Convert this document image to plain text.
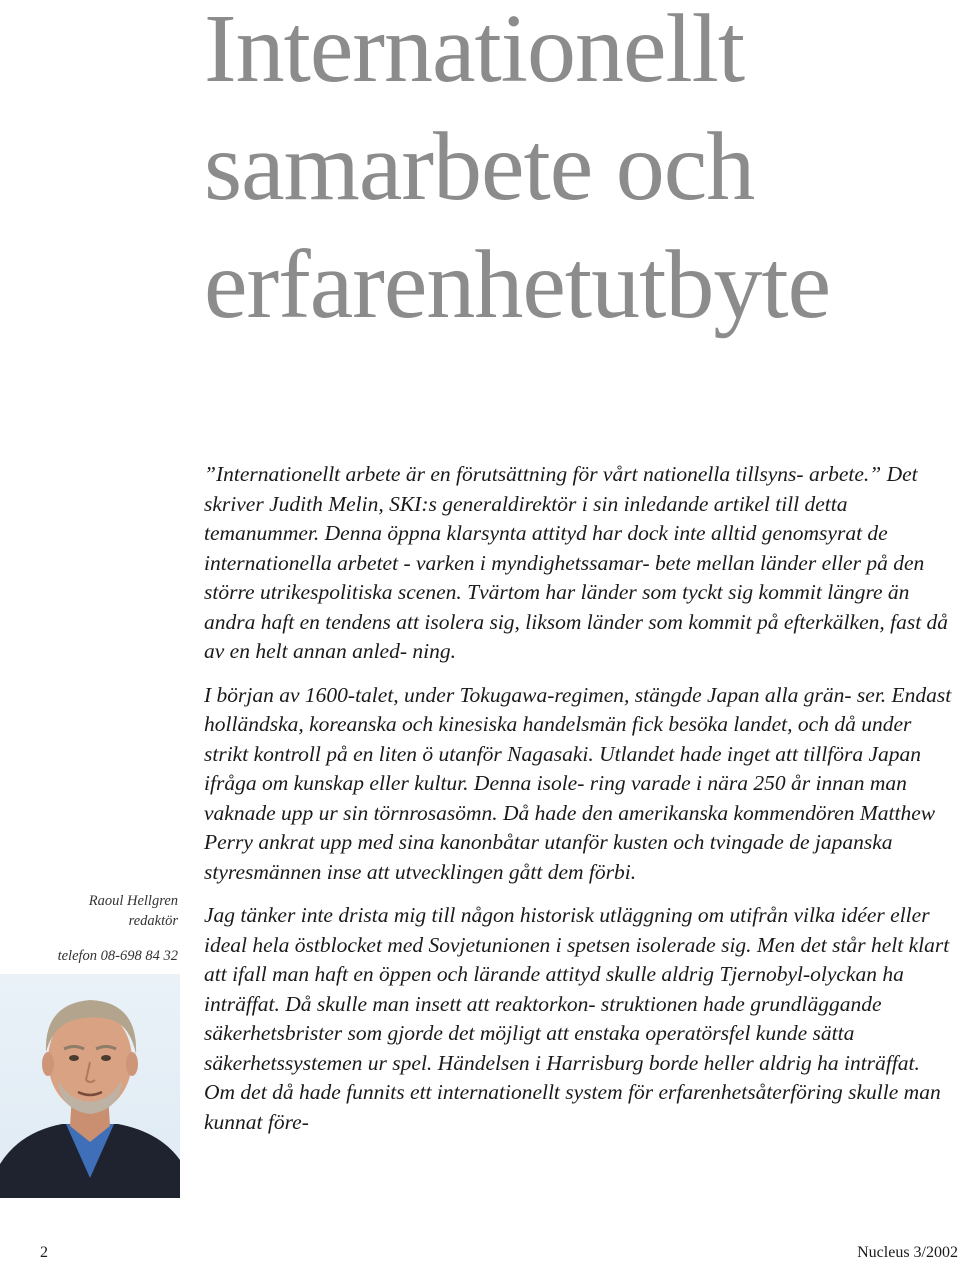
Internationellt
samarbete och
erfarenhetutbyte

”Internationellt arbete är en förutsättning för vårt nationella tillsyns- arbete.” Det skriver Judith Melin, SKI:s generaldirektör i sin inledande artikel till detta temanummer. Denna öppna klarsynta attityd har dock inte alltid genomsyrat de internationella arbetet - varken i myndighetssamar- bete mellan länder eller på den större utrikespolitiska scenen. Tvärtom har länder som tyckt sig kommit längre än andra haft en tendens att isolera sig, liksom länder som kommit på efterkälken, fast då av en helt annan anled- ning.

I början av 1600-talet, under Tokugawa-regimen, stängde Japan alla grän- ser. Endast holländska, koreanska och kinesiska handelsmän fick besöka landet, och då under strikt kontroll på en liten ö utanför Nagasaki. Utlandet hade inget att tillföra Japan ifråga om kunskap eller kultur. Denna isole- ring varade i nära 250 år innan man vaknade upp ur sin törnrosasömn. Då hade den amerikanska kommendören Matthew Perry ankrat upp med sina kanonbåtar utanför kusten och tvingade de japanska styresmännen inse att utvecklingen gått dem förbi.

Jag tänker inte drista mig till någon historisk utläggning om utifrån vilka idéer eller ideal hela östblocket med Sovjetunionen i spetsen isolerade sig. Men det står helt klart att ifall man haft en öppen och lärande attityd skulle aldrig Tjernobyl-olyckan ha inträffat. Då skulle man insett att reaktorkon- struktionen hade grundläggande säkerhetsbrister som gjorde det möjligt att enstaka operatörsfel kunde sätta säkerhetssystemen ur spel. Händelsen i Harrisburg borde heller aldrig ha inträffat. Om det då hade funnits ett internationellt system för erfarenhetsåterföring skulle man kunnat före-

Raoul Hellgren
redaktör
telefon 08-698 84 32
2	Nucleus 3/2002
